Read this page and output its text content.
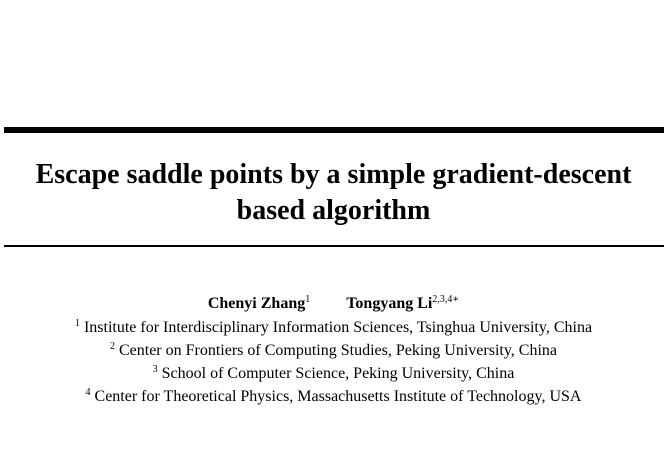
Escape saddle points by a simple gradient-descent
based algorithm
Chenyi Zhang$^1$ Tongyang $Li^{2,3,4∗}$
$^1$ Institute for Interdisciplinary Information Sciences, Tsinghua University, China
$^2$ Center on Frontiers of Computing Studies, Peking University, China
$^3$ School of Computer Science, Peking University, China
$^4$ Center for Theoretical Physics, Massachusetts Institute of Technology, USA
